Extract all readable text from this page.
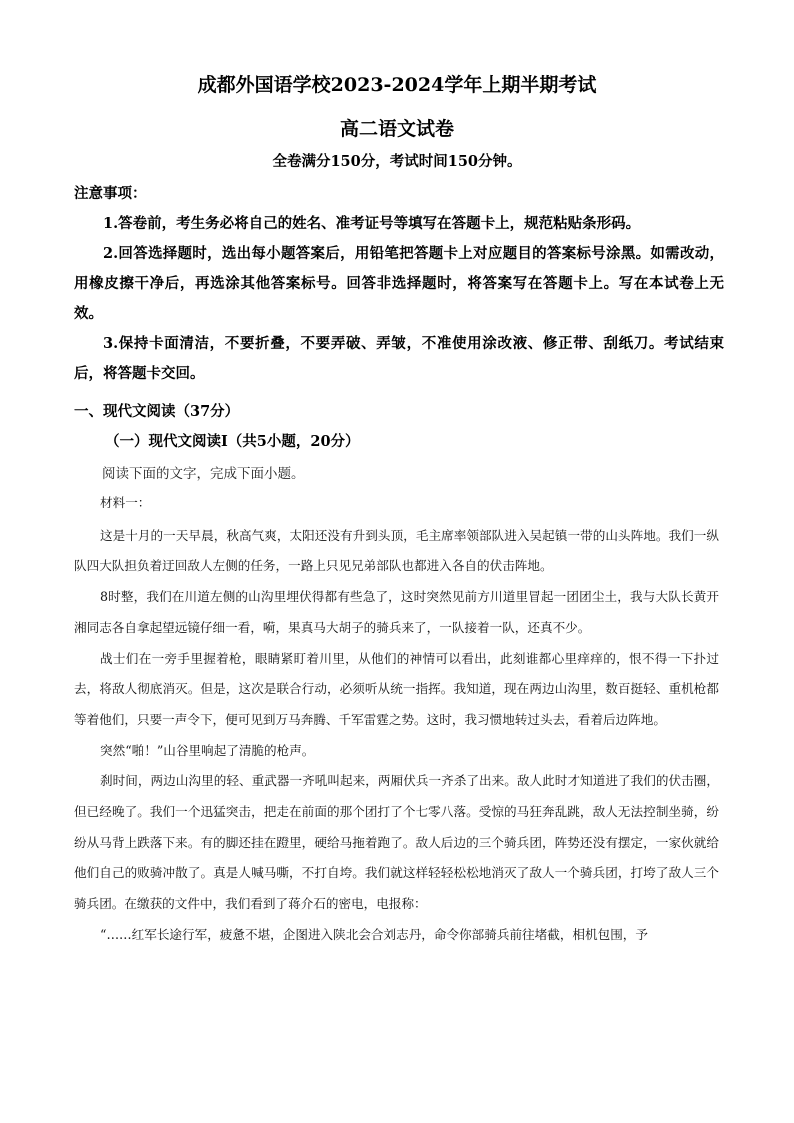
成都外国语学校2023-2024学年上期半期考试
高二语文试卷
全卷满分150分，考试时间150分钟。
注意事项：

1.答卷前，考生务必将自己的姓名、准考证号等填写在答题卡上，规范粘贴条形码。

2.回答选择题时，选出每小题答案后，用铅笔把答题卡上对应题目的答案标号涂黑。如需改动，用橡皮擦干净后，再选涂其他答案标号。回答非选择题时，将答案写在答题卡上。写在本试卷上无效。

3.保持卡面清洁，不要折叠，不要弄破、弄皱，不准使用涂改液、修正带、刮纸刀。考试结束后，将答题卡交回。

一、现代文阅读（37分）
（一）现代文阅读Ⅰ（共5小题，20分）
阅读下面的文字，完成下面小题。

材料一：

这是十月的一天早晨，秋高气爽，太阳还没有升到头顶，毛主席率领部队进入吴起镇一带的山头阵地。我们一纵队四大队担负着迂回敌人左侧的任务，一路上只见兄弟部队也都进入各自的伏击阵地。

8时整，我们在川道左侧的山沟里埋伏得都有些急了，这时突然见前方川道里冒起一团团尘土，我与大队长黄开湘同志各自拿起望远镜仔细一看，嗬，果真马大胡子的骑兵来了，一队接着一队，还真不少。

战士们在一旁手里握着枪，眼睛紧盯着川里，从他们的神情可以看出，此刻谁都心里痒痒的，恨不得一下扑过去，将敌人彻底消灭。但是，这次是联合行动，必须听从统一指挥。我知道，现在两边山沟里，数百挺轻、重机枪都等着他们，只要一声令下，便可见到万马奔腾、千军雷霆之势。这时，我习惯地转过头去，看着后边阵地。

突然“啪！”山谷里响起了清脆的枪声。

刹时间，两边山沟里的轻、重武器一齐吼叫起来，两厢伏兵一齐杀了出来。敌人此时才知道进了我们的伏击圈，但已经晚了。我们一个迅猛突击，把走在前面的那个团打了个七零八落。受惊的马狂奔乱跳，敌人无法控制坐骑，纷纷从马背上跌落下来。有的脚还挂在蹬里，硬给马拖着跑了。敌人后边的三个骑兵团，阵势还没有摆定，一家伙就给他们自己的败骑冲散了。真是人喊马嘶，不打自垮。我们就这样轻轻松松地消灭了敌人一个骑兵团，打垮了敌人三个骑兵团。在缴获的文件中，我们看到了蒋介石的密电，电报称：

“……红军长途行军，疲惫不堪，企图进入陕北会合刘志丹，命令你部骑兵前往堵截，相机包围，予
